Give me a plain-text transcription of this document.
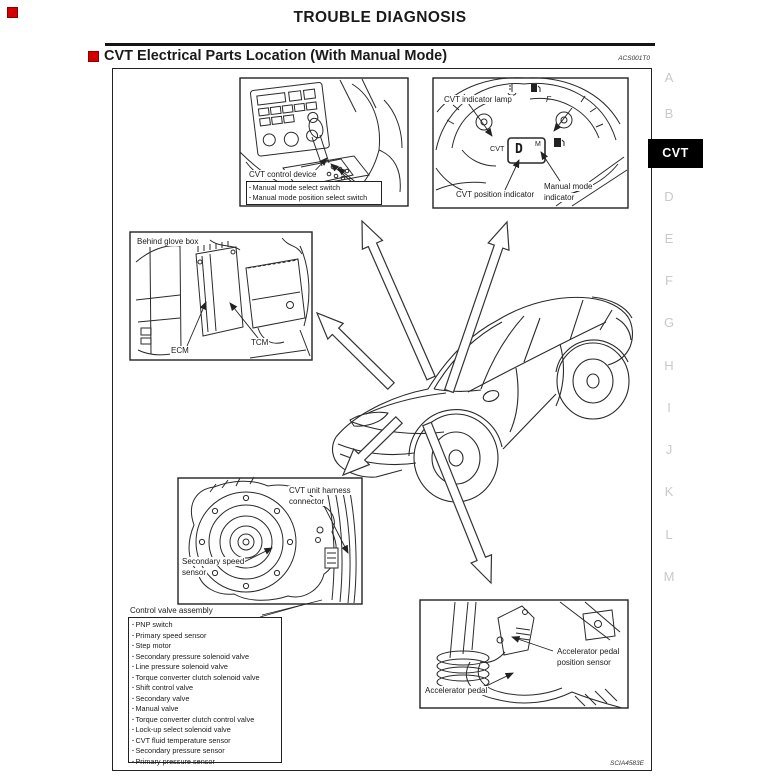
TROUBLE DIAGNOSIS
CVT Electrical Parts Location (With Manual Mode)	ACS001T0
SCIA4583E
A
B
CVT
D
E
F
G
H
I
J
K
L
M
CVT control device
· Manual mode select switch
· Manual mode position select switch
CVT indicator lamp
CVT
F
D M
CVT position indicator
Manual mode
indicator
Behind glove box
ECM
TCM
CVT unit harness
connector
Secondary speed
sensor
Control valve assembly
· PNP switch
· Primary speed sensor
· Step motor
· Secondary pressure solenoid valve
· Line pressure solenoid valve
· Torque converter clutch solenoid valve
· Shift control valve
· Secondary valve
· Manual valve
· Torque converter clutch control valve
· Lock-up select solenoid valve
· CVT fluid temperature sensor
· Secondary pressure sensor
· Primary pressure sensor
Accelerator pedal
position sensor
Accelerator pedal
